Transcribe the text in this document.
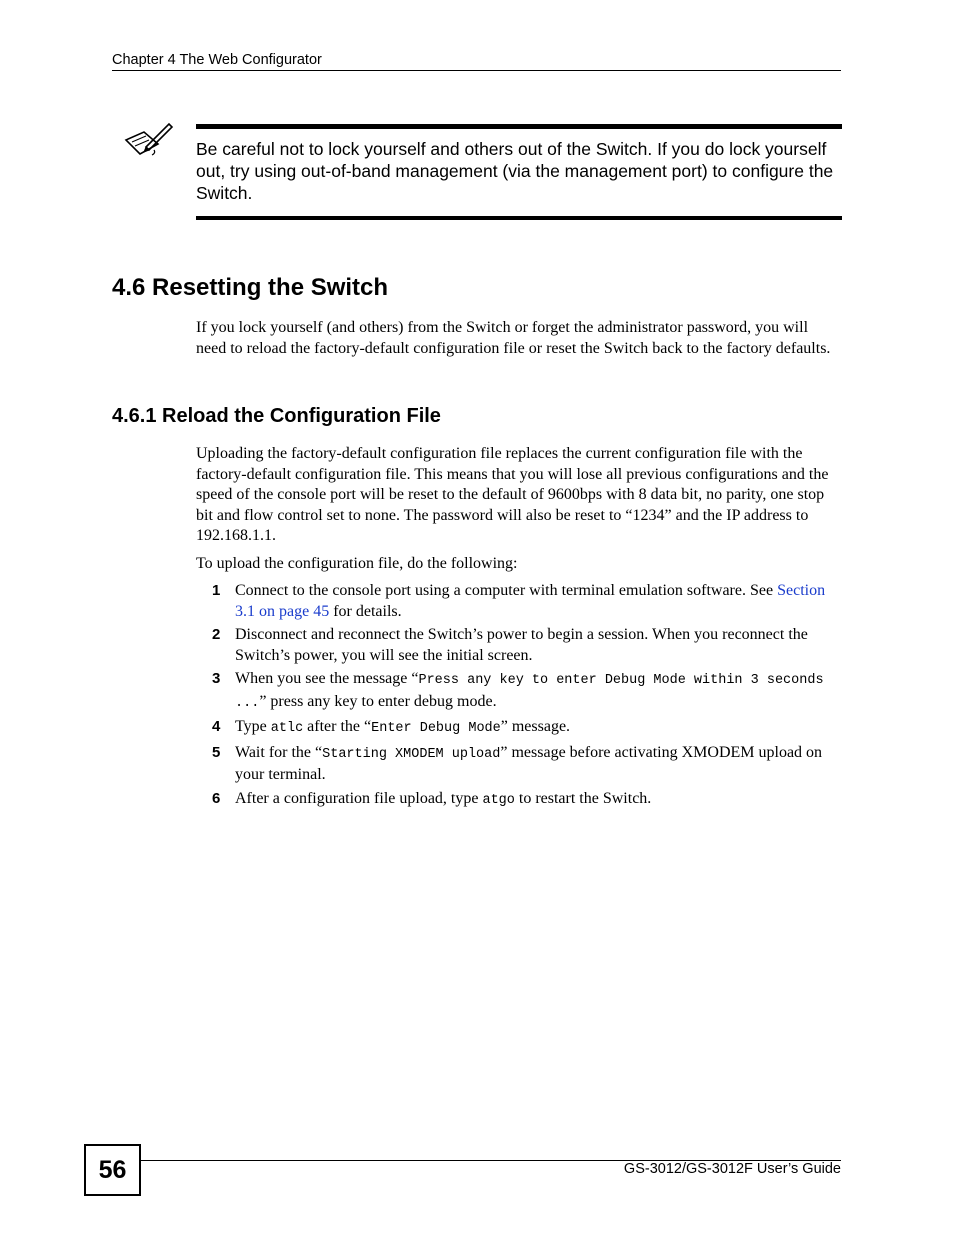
Chapter 4 The Web Configurator
Be careful not to lock yourself and others out of the Switch. If you do lock yourself out, try using out-of-band management (via the management port) to configure the Switch.
4.6 Resetting the Switch

If you lock yourself (and others) from the Switch or forget the administrator password, you will need to reload the factory-default configuration file or reset the Switch back to the factory defaults.

4.6.1 Reload the Configuration File

Uploading the factory-default configuration file replaces the current configuration file with the factory-default configuration file. This means that you will lose all previous configurations and the speed of the console port will be reset to the default of 9600bps with 8 data bit, no parity, one stop bit and flow control set to none. The password will also be reset to “1234” and the IP address to 192.168.1.1.

To upload the configuration file, do the following:

1 Connect to the console port using a computer with terminal emulation software. See Section 3.1 on page 45 for details.
2 Disconnect and reconnect the Switch’s power to begin a session. When you reconnect the Switch’s power, you will see the initial screen.
3 When you see the message “Press any key to enter Debug Mode within 3 seconds ...” press any key to enter debug mode.
4 Type atlc after the “Enter Debug Mode” message.
5 Wait for the “Starting XMODEM upload” message before activating XMODEM upload on your terminal.
6 After a configuration file upload, type atgo to restart the Switch.
56	GS-3012/GS-3012F User’s Guide
